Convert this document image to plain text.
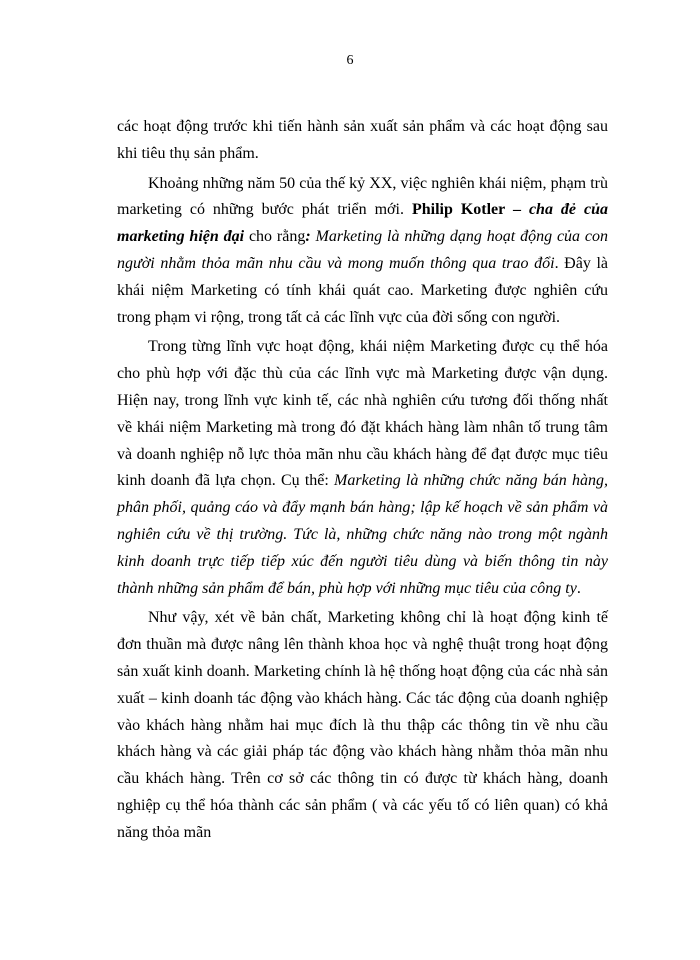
6

các hoạt động trước khi tiến hành sản xuất sản phẩm và các hoạt động sau khi tiêu thụ sản phẩm.

Khoảng những năm 50 của thế kỷ XX, việc nghiên khái niệm, phạm trù marketing có những bước phát triển mới. Philip Kotler – cha đẻ của marketing hiện đại cho rằng: Marketing là những dạng hoạt động của con người nhằm thỏa mãn nhu cầu và mong muốn thông qua trao đổi. Đây là khái niệm Marketing có tính khái quát cao. Marketing được nghiên cứu trong phạm vi rộng, trong tất cả các lĩnh vực của đời sống con người.

Trong từng lĩnh vực hoạt động, khái niệm Marketing được cụ thể hóa cho phù hợp với đặc thù của các lĩnh vực mà Marketing được vận dụng. Hiện nay, trong lĩnh vực kinh tế, các nhà nghiên cứu tương đối thống nhất về khái niệm Marketing mà trong đó đặt khách hàng làm nhân tố trung tâm và doanh nghiệp nỗ lực thỏa mãn nhu cầu khách hàng để đạt được mục tiêu kinh doanh đã lựa chọn. Cụ thể: Marketing là những chức năng bán hàng, phân phối, quảng cáo và đẩy mạnh bán hàng; lập kế hoạch về sản phẩm và nghiên cứu về thị trường. Tức là, những chức năng nào trong một ngành kinh doanh trực tiếp tiếp xúc đến người tiêu dùng và biến thông tin này thành những sản phẩm để bán, phù hợp với những mục tiêu của công ty.

Như vậy, xét về bản chất, Marketing không chỉ là hoạt động kinh tế đơn thuần mà được nâng lên thành khoa học và nghệ thuật trong hoạt động sản xuất kinh doanh. Marketing chính là hệ thống hoạt động của các nhà sản xuất – kinh doanh tác động vào khách hàng. Các tác động của doanh nghiệp vào khách hàng nhằm hai mục đích là thu thập các thông tin về nhu cầu khách hàng và các giải pháp tác động vào khách hàng nhằm thỏa mãn nhu cầu khách hàng. Trên cơ sở các thông tin có được từ khách hàng, doanh nghiệp cụ thể hóa thành các sản phẩm ( và các yếu tố có liên quan) có khả năng thỏa mãn
